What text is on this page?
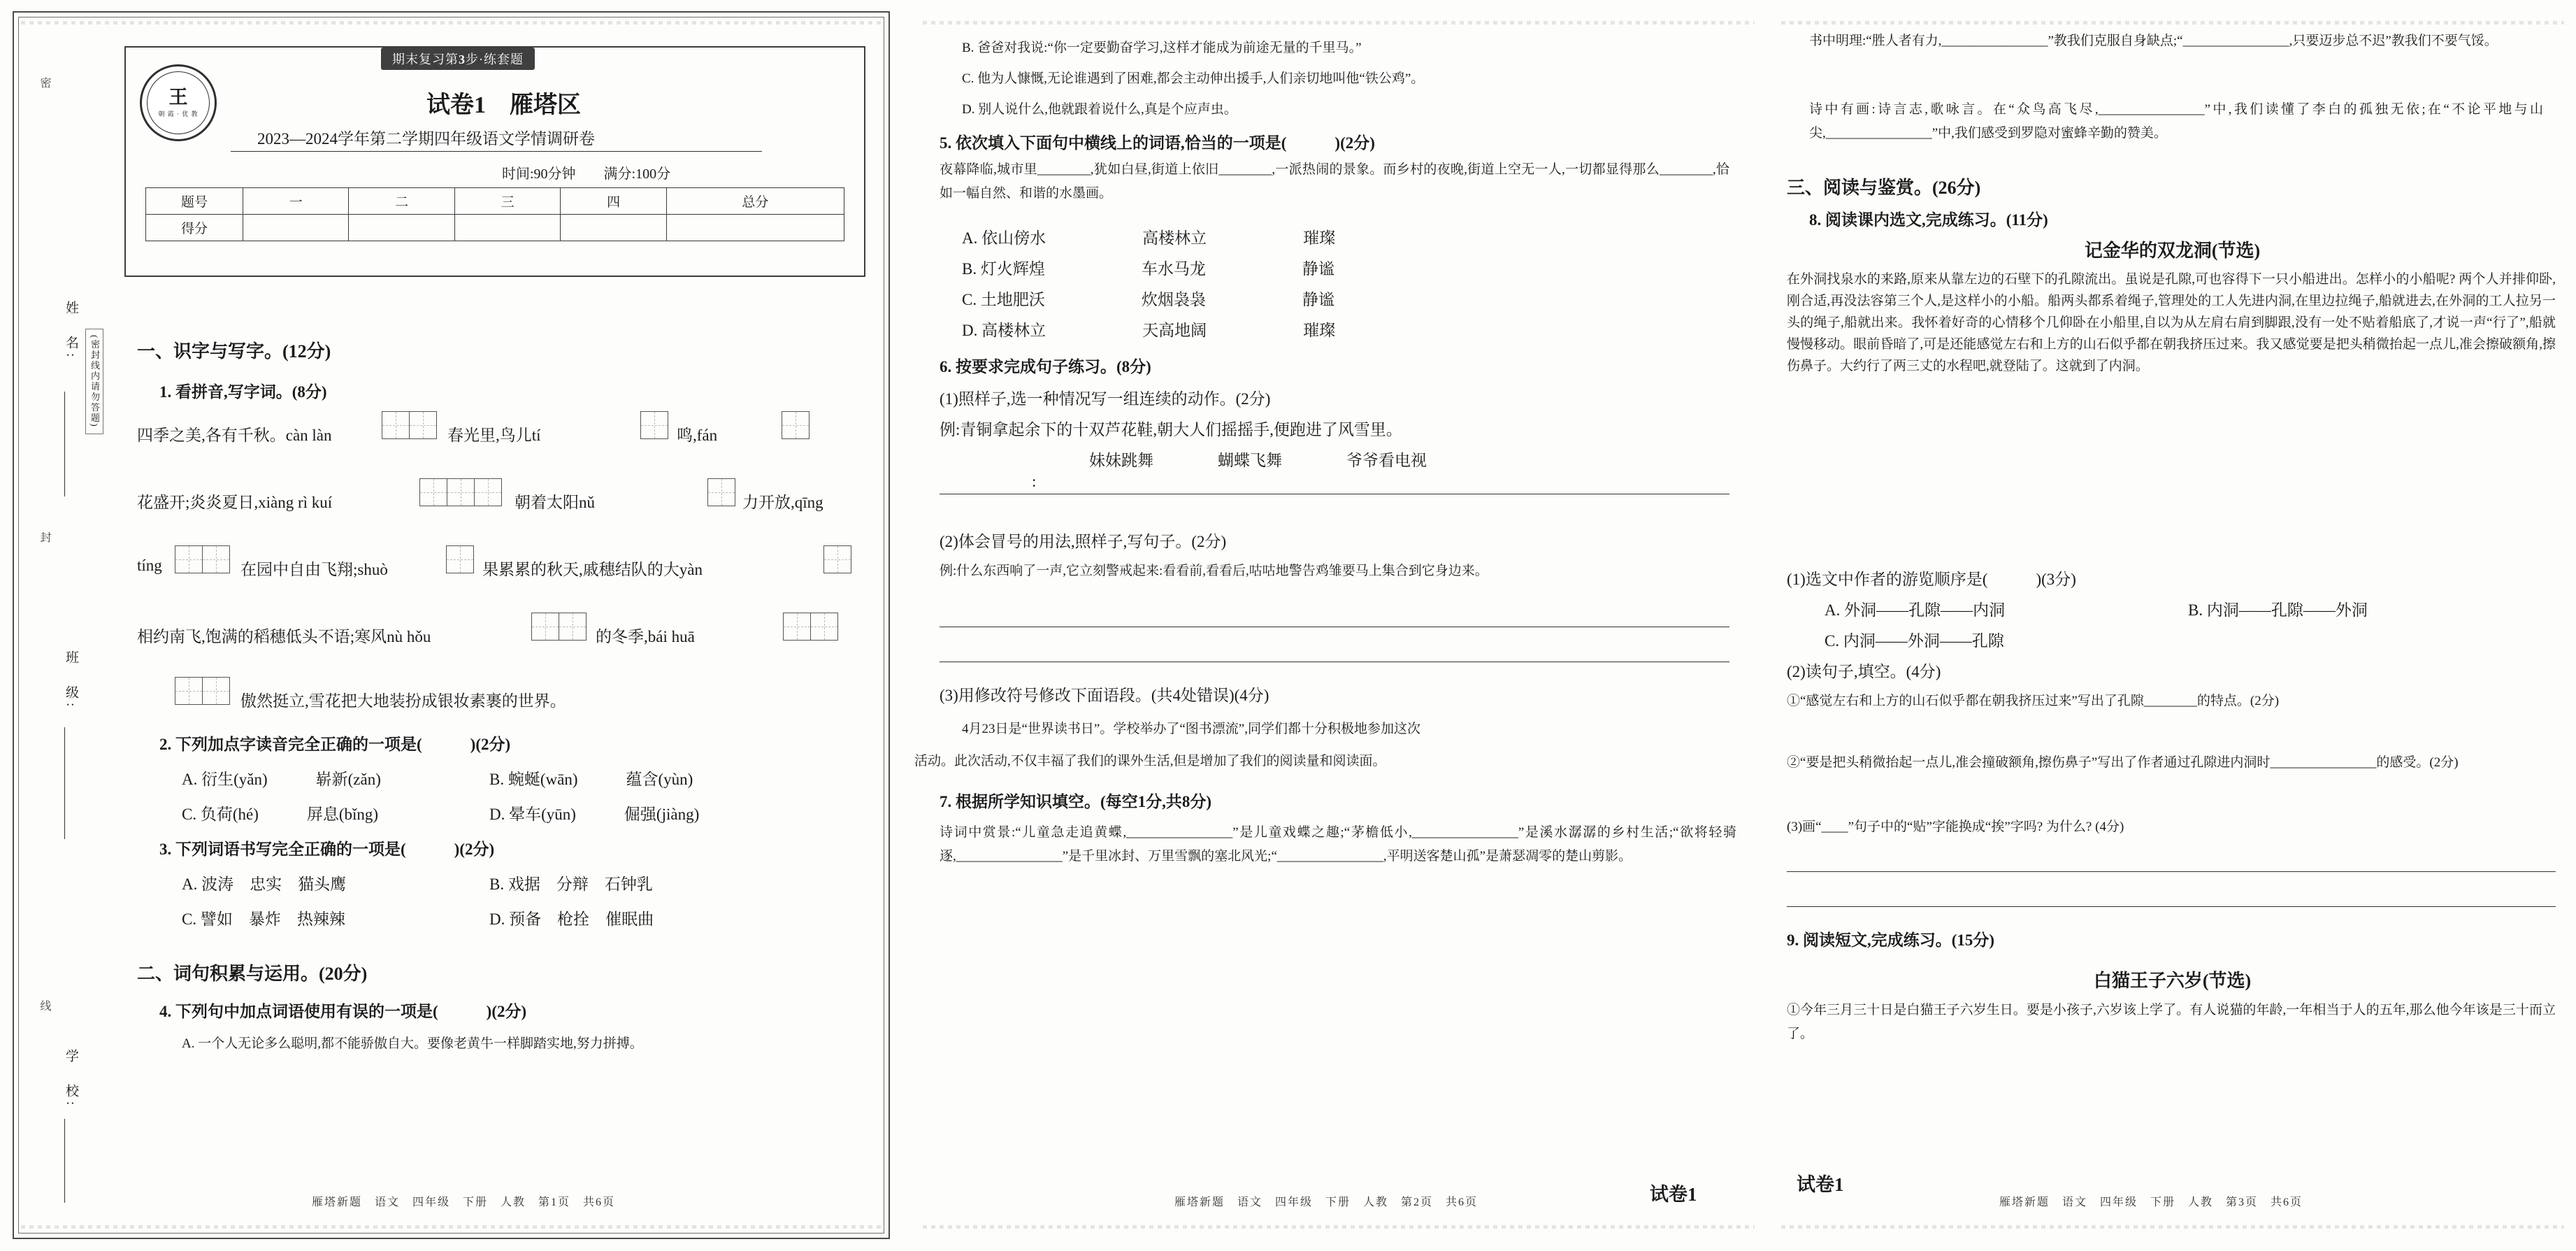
密
封
线
姓　名:
(密封线内请勿答题)
班　级:
学　校:
王
朝 霞 · 优 教
期末复习第3步·练套题
试卷1　雁塔区
2023—2024学年第二学期四年级语文学情调研卷
时间:90分钟　　满分:100分
题号	一	二	三	四	总分
得分					
一、识字与写字。(12分)
1. 看拼音,写字词。(8分)
四季之美,各有千秋。càn làn	春光里,鸟儿tí	鸣,fán
花盛开;炎炎夏日,xiàng rì kuí	朝着太阳nǔ	力开放,qīng
tíng	在园中自由飞翔;shuò	果累累的秋天,戚穗结队的大yàn
相约南飞,饱满的稻穗低头不语;寒风nù hǒu	的冬季,bái huā
傲然挺立,雪花把大地装扮成银妆素裹的世界。
2. 下列加点字读音完全正确的一项是(　　　)(2分)
A. 衍生(yǎn)　　　崭新(zǎn)	B. 蜿蜒(wān)　　　蕴含(yùn)
C. 负荷(hé)　　　屏息(bǐng)	D. 晕车(yūn)　　　倔强(jiàng)
3. 下列词语书写完全正确的一项是(　　　)(2分)
A. 波涛　忠实　猫头鹰	B. 戏据　分辩　石钟乳
C. 譬如　暴炸　热辣辣	D. 预备　枪拴　催眠曲
二、词句积累与运用。(20分)
4. 下列句中加点词语使用有误的一项是(　　　)(2分)
A. 一个人无论多么聪明,都不能骄傲自大。要像老黄牛一样脚踏实地,努力拼搏。
雁塔新题　语文　四年级　下册　人教　第1页　共6页
B. 爸爸对我说:“你一定要勤奋学习,这样才能成为前途无量的千里马。”
C. 他为人慷慨,无论谁遇到了困难,都会主动伸出援手,人们亲切地叫他“铁公鸡”。
D. 别人说什么,他就跟着说什么,真是个应声虫。
5. 依次填入下面句中横线上的词语,恰当的一项是(　　　)(2分)
夜幕降临,城市里________,犹如白昼,街道上依旧________,一派热闹的景象。而乡村的夜晚,街道上空无一人,一切都显得那么________,恰如一幅自然、和谐的水墨画。
A. 依山傍水　　　　　　高楼林立　　　　　　璀璨
B. 灯火辉煌　　　　　　车水马龙　　　　　　静谧
C. 土地肥沃　　　　　　炊烟袅袅　　　　　　静谧
D. 高楼林立　　　　　　天高地阔　　　　　　璀璨
6. 按要求完成句子练习。(8分)
(1)照样子,选一种情况写一组连续的动作。(2分)
例:青铜拿起余下的十双芦花鞋,朝大人们摇摇手,便跑进了风雪里。
妹妹跳舞　　　　蝴蝶飞舞　　　　爷爷看电视
:
(2)体会冒号的用法,照样子,写句子。(2分)
例:什么东西响了一声,它立刻警戒起来:看看前,看看后,咕咕地警告鸡雏要马上集合到它身边来。
(3)用修改符号修改下面语段。(共4处错误)(4分)
4月23日是“世界读书日”。学校举办了“图书漂流”,同学们都十分积极地参加这次
活动。此次活动,不仅丰福了我们的课外生活,但是增加了我们的阅读量和阅读面。
7. 根据所学知识填空。(每空1分,共8分)
诗词中赏景:“儿童急走追黄蝶,________________”是儿童戏蝶之趣;“茅檐低小,________________”是溪水潺潺的乡村生活;“欲将轻骑逐,________________”是千里冰封、万里雪飘的塞北风光;“________________,平明送客楚山孤”是萧瑟凋零的楚山剪影。
雁塔新题　语文　四年级　下册　人教　第2页　共6页	试卷1
书中明理:“胜人者有力,________________”教我们克服自身缺点;“________________,只要迈步总不迟”教我们不要气馁。
诗中有画:诗言志,歌咏言。在“众鸟高飞尽,________________”中,我们读懂了李白的孤独无依;在“不论平地与山尖,________________”中,我们感受到罗隐对蜜蜂辛勤的赞美。
三、阅读与鉴赏。(26分)
8. 阅读课内选文,完成练习。(11分)
记金华的双龙洞(节选)
在外洞找泉水的来路,原来从靠左边的石壁下的孔隙流出。虽说是孔隙,可也容得下一只小船进出。怎样小的小船呢? 两个人并排仰卧,刚合适,再没法容第三个人,是这样小的小船。船两头都系着绳子,管理处的工人先进内洞,在里边拉绳子,船就进去,在外洞的工人拉另一头的绳子,船就出来。我怀着好奇的心情移个几仰卧在小船里,自以为从左肩右肩到脚跟,没有一处不贴着船底了,才说一声“行了”,船就慢慢移动。眼前昏暗了,可是还能感觉左右和上方的山石似乎都在朝我挤压过来。我又感觉要是把头稍微抬起一点儿,准会擦破额角,擦伤鼻子。大约行了两三丈的水程吧,就登陆了。这就到了内洞。
(1)选文中作者的游览顺序是(　　　)(3分)
A. 外洞——孔隙——内洞	B. 内洞——孔隙——外洞
C. 内洞——外洞——孔隙
(2)读句子,填空。(4分)
①“感觉左右和上方的山石似乎都在朝我挤压过来”写出了孔隙________的特点。(2分)
②“要是把头稍微抬起一点儿,准会撞破额角,擦伤鼻子”写出了作者通过孔隙进内洞时________________的感受。(2分)
(3)画“____”句子中的“贴”字能换成“挨”字吗? 为什么? (4分)
9. 阅读短文,完成练习。(15分)
白猫王子六岁(节选)
①今年三月三十日是白猫王子六岁生日。要是小孩子,六岁该上学了。有人说猫的年龄,一年相当于人的五年,那么他今年该是三十而立了。
雁塔新题　语文　四年级　下册　人教　第3页　共6页
试卷1
